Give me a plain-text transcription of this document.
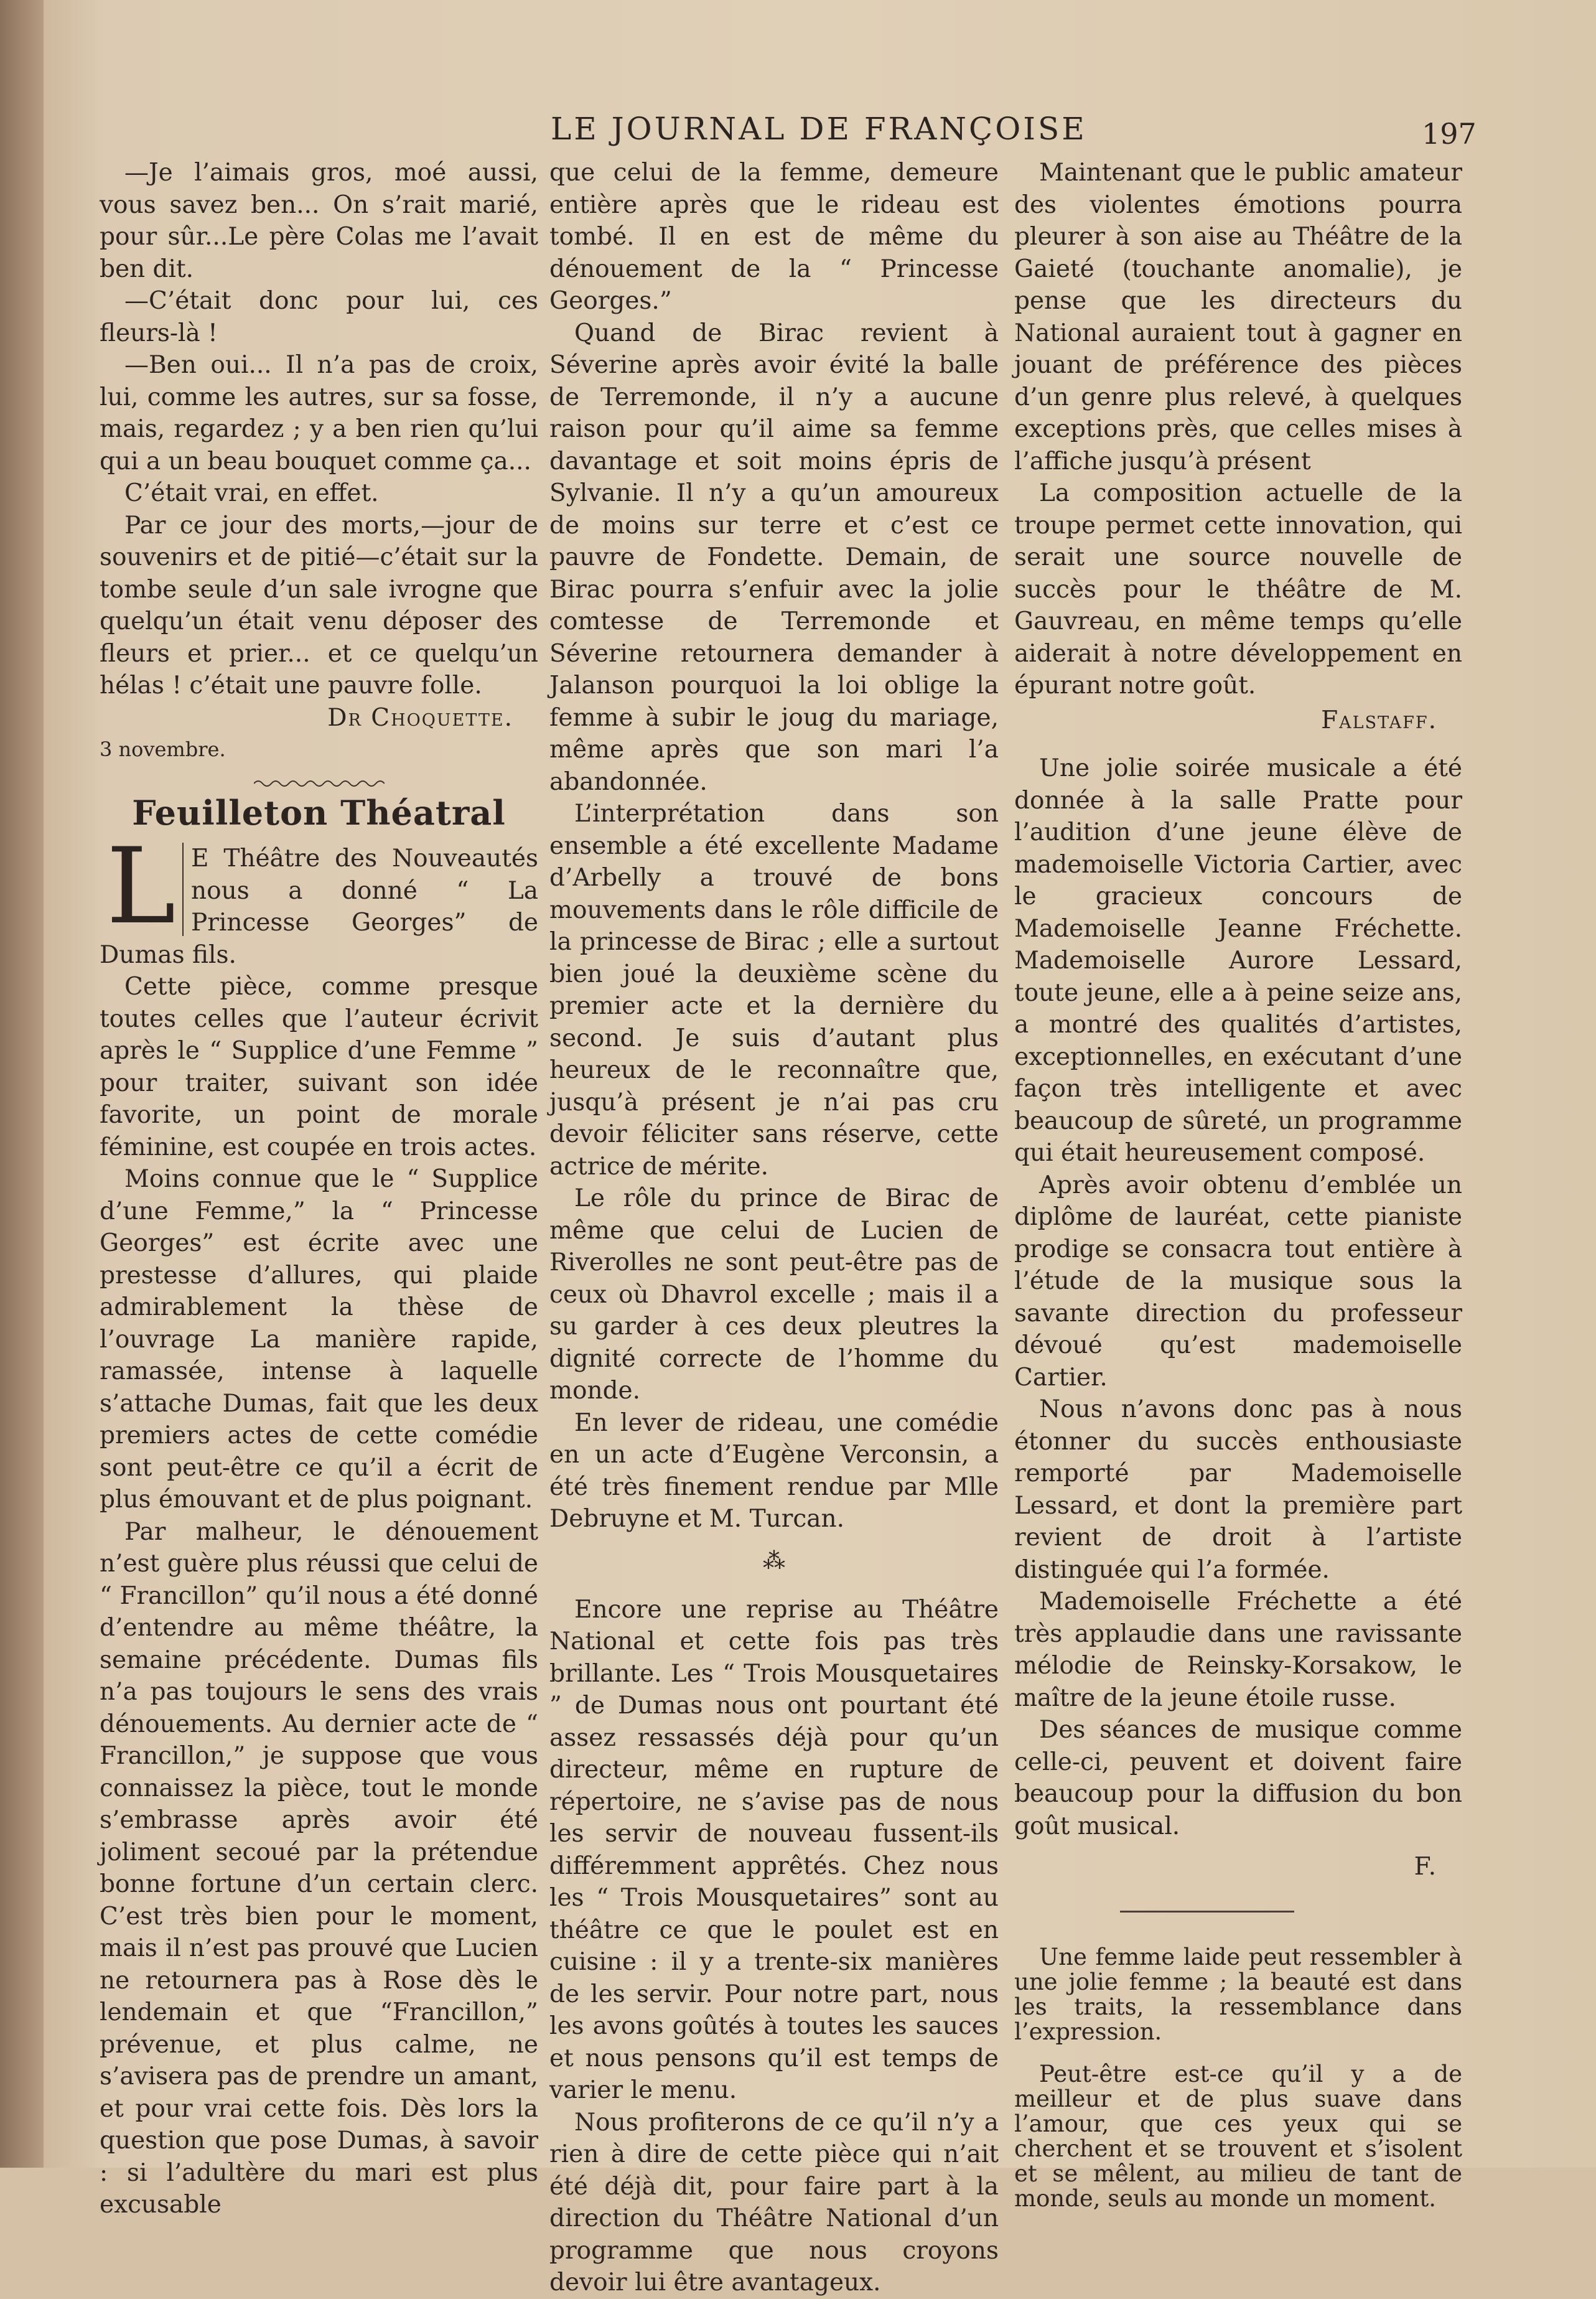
LE JOURNAL DE FRANÇOISE	197

—Je l’aimais gros, moé aussi, vous savez ben... On s’rait marié, pour sûr...Le père Colas me l’avait ben dit.

—C’était donc pour lui, ces fleurs-là !

—Ben oui... Il n’a pas de croix, lui, comme les autres, sur sa fosse, mais, regardez ; y a ben rien qu’lui qui a un beau bouquet comme ça...

C’était vrai, en effet.

Par ce jour des morts,—jour de souvenirs et de pitié—c’était sur la tombe seule d’un sale ivrogne que quelqu’un était venu déposer des fleurs et prier... et ce quelqu’un hélas ! c’était une pauvre folle.

Dr Choquette.

3 novembre.

Feuilleton Théatral

L E Théâtre des Nouveautés nous a donné “ La Princesse Georges” de Dumas fils.

Cette pièce, comme presque toutes celles que l’auteur écrivit après le “ Supplice d’une Femme ” pour traiter, suivant son idée favorite, un point de morale féminine, est coupée en trois actes.

Moins connue que le “ Supplice d’une Femme,” la “ Princesse Georges” est écrite avec une prestesse d’allures, qui plaide admirablement la thèse de l’ouvrage La manière rapide, ramassée, intense à laquelle s’attache Dumas, fait que les deux premiers actes de cette comédie sont peut-être ce qu’il a écrit de plus émouvant et de plus poignant.

Par malheur, le dénouement n’est guère plus réussi que celui de “ Francillon” qu’il nous a été donné d’entendre au même théâtre, la semaine précédente. Dumas fils n’a pas toujours le sens des vrais dénouements. Au dernier acte de “ Francillon,” je suppose que vous connaissez la pièce, tout le monde s’embrasse après avoir été joliment secoué par la prétendue bonne fortune d’un certain clerc. C’est très bien pour le moment, mais il n’est pas prouvé que Lucien ne retournera pas à Rose dès le lendemain et que “Francillon,” prévenue, et plus calme, ne s’avisera pas de prendre un amant, et pour vrai cette fois. Dès lors la question que pose Dumas, à savoir : si l’adultère du mari est plus excusable

que celui de la femme, demeure entière après que le rideau est tombé. Il en est de même du dénouement de la “ Princesse Georges.”

Quand de Birac revient à Séverine après avoir évité la balle de Terremonde, il n’y a aucune raison pour qu’il aime sa femme davantage et soit moins épris de Sylvanie. Il n’y a qu’un amoureux de moins sur terre et c’est ce pauvre de Fondette. Demain, de Birac pourra s’enfuir avec la jolie comtesse de Terremonde et Séverine retournera demander à Jalanson pourquoi la loi oblige la femme à subir le joug du mariage, même après que son mari l’a abandonnée.

L’interprétation dans son ensemble a été excellente Madame d’Arbelly a trouvé de bons mouvements dans le rôle difficile de la princesse de Birac ; elle a surtout bien joué la deuxième scène du premier acte et la dernière du second. Je suis d’autant plus heureux de le reconnaître que, jusqu’à présent je n’ai pas cru devoir féliciter sans réserve, cette actrice de mérite.

Le rôle du prince de Birac de même que celui de Lucien de Riverolles ne sont peut-être pas de ceux où Dhavrol excelle ; mais il a su garder à ces deux pleutres la dignité correcte de l’homme du monde.

En lever de rideau, une comédie en un acte d’Eugène Verconsin, a été très finement rendue par Mlle Debruyne et M. Turcan.

⁂

Encore une reprise au Théâtre National et cette fois pas très brillante. Les “ Trois Mousquetaires ” de Dumas nous ont pourtant été assez ressassés déjà pour qu’un directeur, même en rupture de répertoire, ne s’avise pas de nous les servir de nouveau fussent-ils différemment apprêtés. Chez nous les “ Trois Mousquetaires” sont au théâtre ce que le poulet est en cuisine : il y a trente-six manières de les servir. Pour notre part, nous les avons goûtés à toutes les sauces et nous pensons qu’il est temps de varier le menu.

Nous profiterons de ce qu’il n’y a rien à dire de cette pièce qui n’ait été déjà dit, pour faire part à la direction du Théâtre National d’un programme que nous croyons devoir lui être avantageux.

Maintenant que le public amateur des violentes émotions pourra pleurer à son aise au Théâtre de la Gaieté (touchante anomalie), je pense que les directeurs du National auraient tout à gagner en jouant de préférence des pièces d’un genre plus relevé, à quelques exceptions près, que celles mises à l’affiche jusqu’à présent

La composition actuelle de la troupe permet cette innovation, qui serait une source nouvelle de succès pour le théâtre de M. Gauvreau, en même temps qu’elle aiderait à notre développement en épurant notre goût.

Falstaff.

Une jolie soirée musicale a été donnée à la salle Pratte pour l’audition d’une jeune élève de mademoiselle Victoria Cartier, avec le gracieux concours de Mademoiselle Jeanne Fréchette. Mademoiselle Aurore Lessard, toute jeune, elle a à peine seize ans, a montré des qualités d’artistes, exceptionnelles, en exécutant d’une façon très intelligente et avec beaucoup de sûreté, un programme qui était heureusement composé.

Après avoir obtenu d’emblée un diplôme de lauréat, cette pianiste prodige se consacra tout entière à l’étude de la musique sous la savante direction du professeur dévoué qu’est mademoiselle Cartier.

Nous n’avons donc pas à nous étonner du succès enthousiaste remporté par Mademoiselle Lessard, et dont la première part revient de droit à l’artiste distinguée qui l’a formée.

Mademoiselle Fréchette a été très applaudie dans une ravissante mélodie de Reinsky-Korsakow, le maître de la jeune étoile russe.

Des séances de musique comme celle-ci, peuvent et doivent faire beaucoup pour la diffusion du bon goût musical.

F.

Une femme laide peut ressembler à une jolie femme ; la beauté est dans les traits, la ressemblance dans l’expression.

Peut-être est-ce qu’il y a de meilleur et de plus suave dans l’amour, que ces yeux qui se cherchent et se trouvent et s’isolent et se mêlent, au milieu de tant de monde, seuls au monde un moment.
